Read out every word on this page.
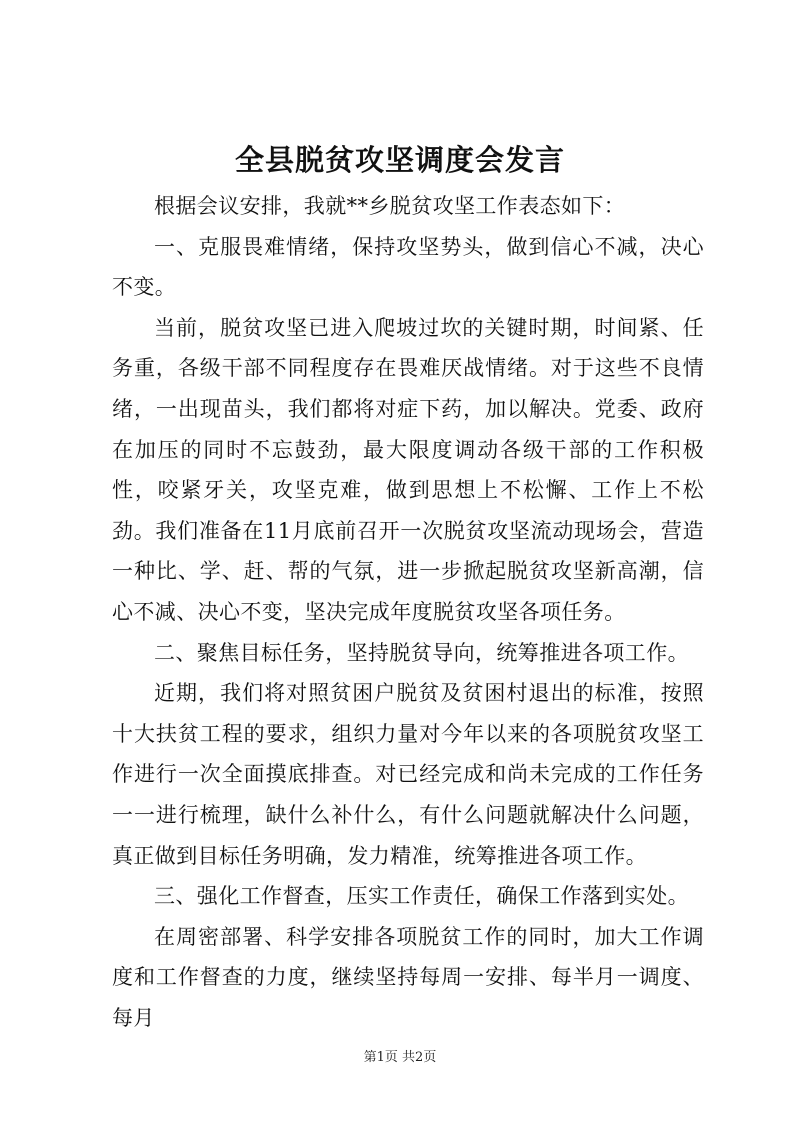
全县脱贫攻坚调度会发言

根据会议安排，我就**乡脱贫攻坚工作表态如下：

一、克服畏难情绪，保持攻坚势头，做到信心不减，决心不变。

当前，脱贫攻坚已进入爬坡过坎的关键时期，时间紧、任务重，各级干部不同程度存在畏难厌战情绪。对于这些不良情绪，一出现苗头，我们都将对症下药，加以解决。党委、政府在加压的同时不忘鼓劲，最大限度调动各级干部的工作积极性，咬紧牙关，攻坚克难，做到思想上不松懈、工作上不松劲。我们准备在11月底前召开一次脱贫攻坚流动现场会，营造一种比、学、赶、帮的气氛，进一步掀起脱贫攻坚新高潮，信心不减、决心不变，坚决完成年度脱贫攻坚各项任务。

二、聚焦目标任务，坚持脱贫导向，统筹推进各项工作。

近期，我们将对照贫困户脱贫及贫困村退出的标准，按照十大扶贫工程的要求，组织力量对今年以来的各项脱贫攻坚工作进行一次全面摸底排查。对已经完成和尚未完成的工作任务一一进行梳理，缺什么补什么，有什么问题就解决什么问题，真正做到目标任务明确，发力精准，统筹推进各项工作。

三、强化工作督查，压实工作责任，确保工作落到实处。

在周密部署、科学安排各项脱贫工作的同时，加大工作调度和工作督查的力度，继续坚持每周一安排、每半月一调度、每月

第1页 共2页
